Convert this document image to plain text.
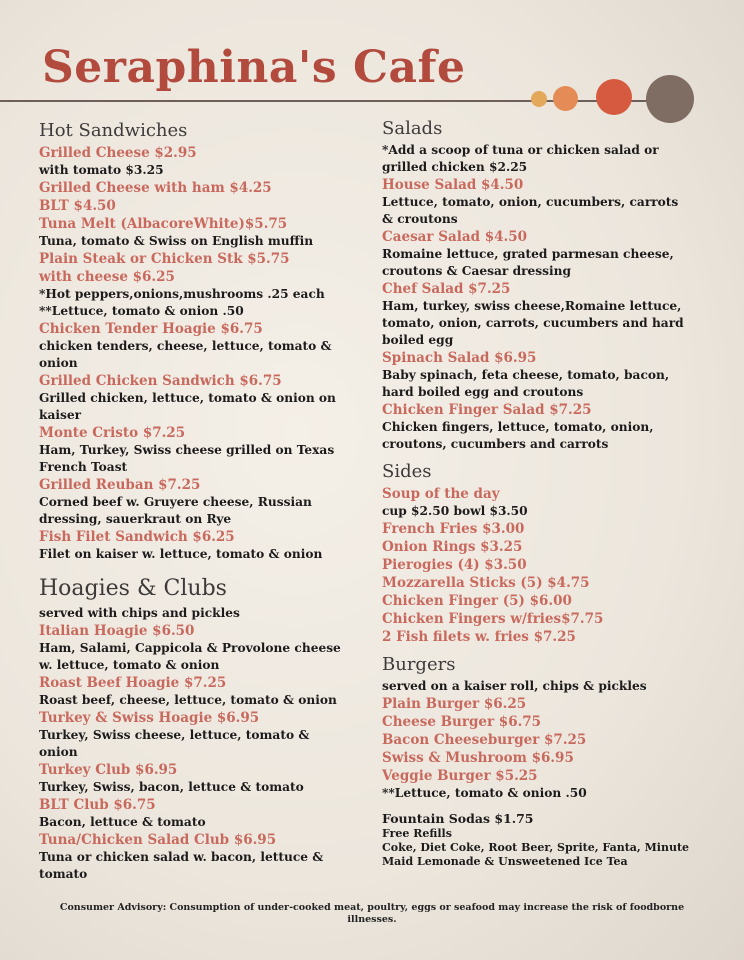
Seraphina's Cafe
Hot Sandwiches
Grilled Cheese $2.95
with tomato $3.25
Grilled Cheese with ham $4.25
BLT $4.50
Tuna Melt (AlbacoreWhite)$5.75
Tuna, tomato & Swiss on English muffin
Plain Steak or Chicken Stk $5.75
with cheese $6.25
*Hot peppers,onions,mushrooms .25 each
**Lettuce, tomato & onion .50
Chicken Tender Hoagie $6.75
chicken tenders, cheese, lettuce, tomato &
onion
Grilled Chicken Sandwich $6.75
Grilled chicken, lettuce, tomato & onion on
kaiser
Monte Cristo $7.25
Ham, Turkey, Swiss cheese grilled on Texas
French Toast
Grilled Reuban $7.25
Corned beef w. Gruyere cheese, Russian
dressing, sauerkraut on Rye
Fish Filet Sandwich $6.25
Filet on kaiser w. lettuce, tomato & onion
Hoagies & Clubs
served with chips and pickles
Italian Hoagie $6.50
Ham, Salami, Cappicola & Provolone cheese
w. lettuce, tomato & onion
Roast Beef Hoagie $7.25
Roast beef, cheese, lettuce, tomato & onion
Turkey & Swiss Hoagie $6.95
Turkey, Swiss cheese, lettuce, tomato &
onion
Turkey Club $6.95
Turkey, Swiss, bacon, lettuce & tomato
BLT Club $6.75
Bacon, lettuce & tomato
Tuna/Chicken Salad Club $6.95
Tuna or chicken salad w. bacon, lettuce &
tomato
Salads
*Add a scoop of tuna or chicken salad or
grilled chicken $2.25
House Salad $4.50
Lettuce, tomato, onion, cucumbers, carrots
& croutons
Caesar Salad $4.50
Romaine lettuce, grated parmesan cheese,
croutons & Caesar dressing
Chef Salad $7.25
Ham, turkey, swiss cheese,Romaine lettuce,
tomato, onion, carrots, cucumbers and hard
boiled egg
Spinach Salad $6.95
Baby spinach, feta cheese, tomato, bacon,
hard boiled egg and croutons
Chicken Finger Salad $7.25
Chicken fingers, lettuce, tomato, onion,
croutons, cucumbers and carrots
Sides
Soup of the day
cup $2.50 bowl $3.50
French Fries $3.00
Onion Rings $3.25
Pierogies (4) $3.50
Mozzarella Sticks (5) $4.75
Chicken Finger (5) $6.00
Chicken Fingers w/fries$7.75
2 Fish filets w. fries $7.25
Burgers
served on a kaiser roll, chips & pickles
Plain Burger $6.25
Cheese Burger $6.75
Bacon Cheeseburger $7.25
Swiss & Mushroom $6.95
Veggie Burger $5.25
**Lettuce, tomato & onion .50
Fountain Sodas $1.75
Free Refills
Coke, Diet Coke, Root Beer, Sprite, Fanta, Minute
Maid Lemonade & Unsweetened Ice Tea
Consumer Advisory: Consumption of under-cooked meat, poultry, eggs or seafood may increase the risk of foodborne illnesses.
